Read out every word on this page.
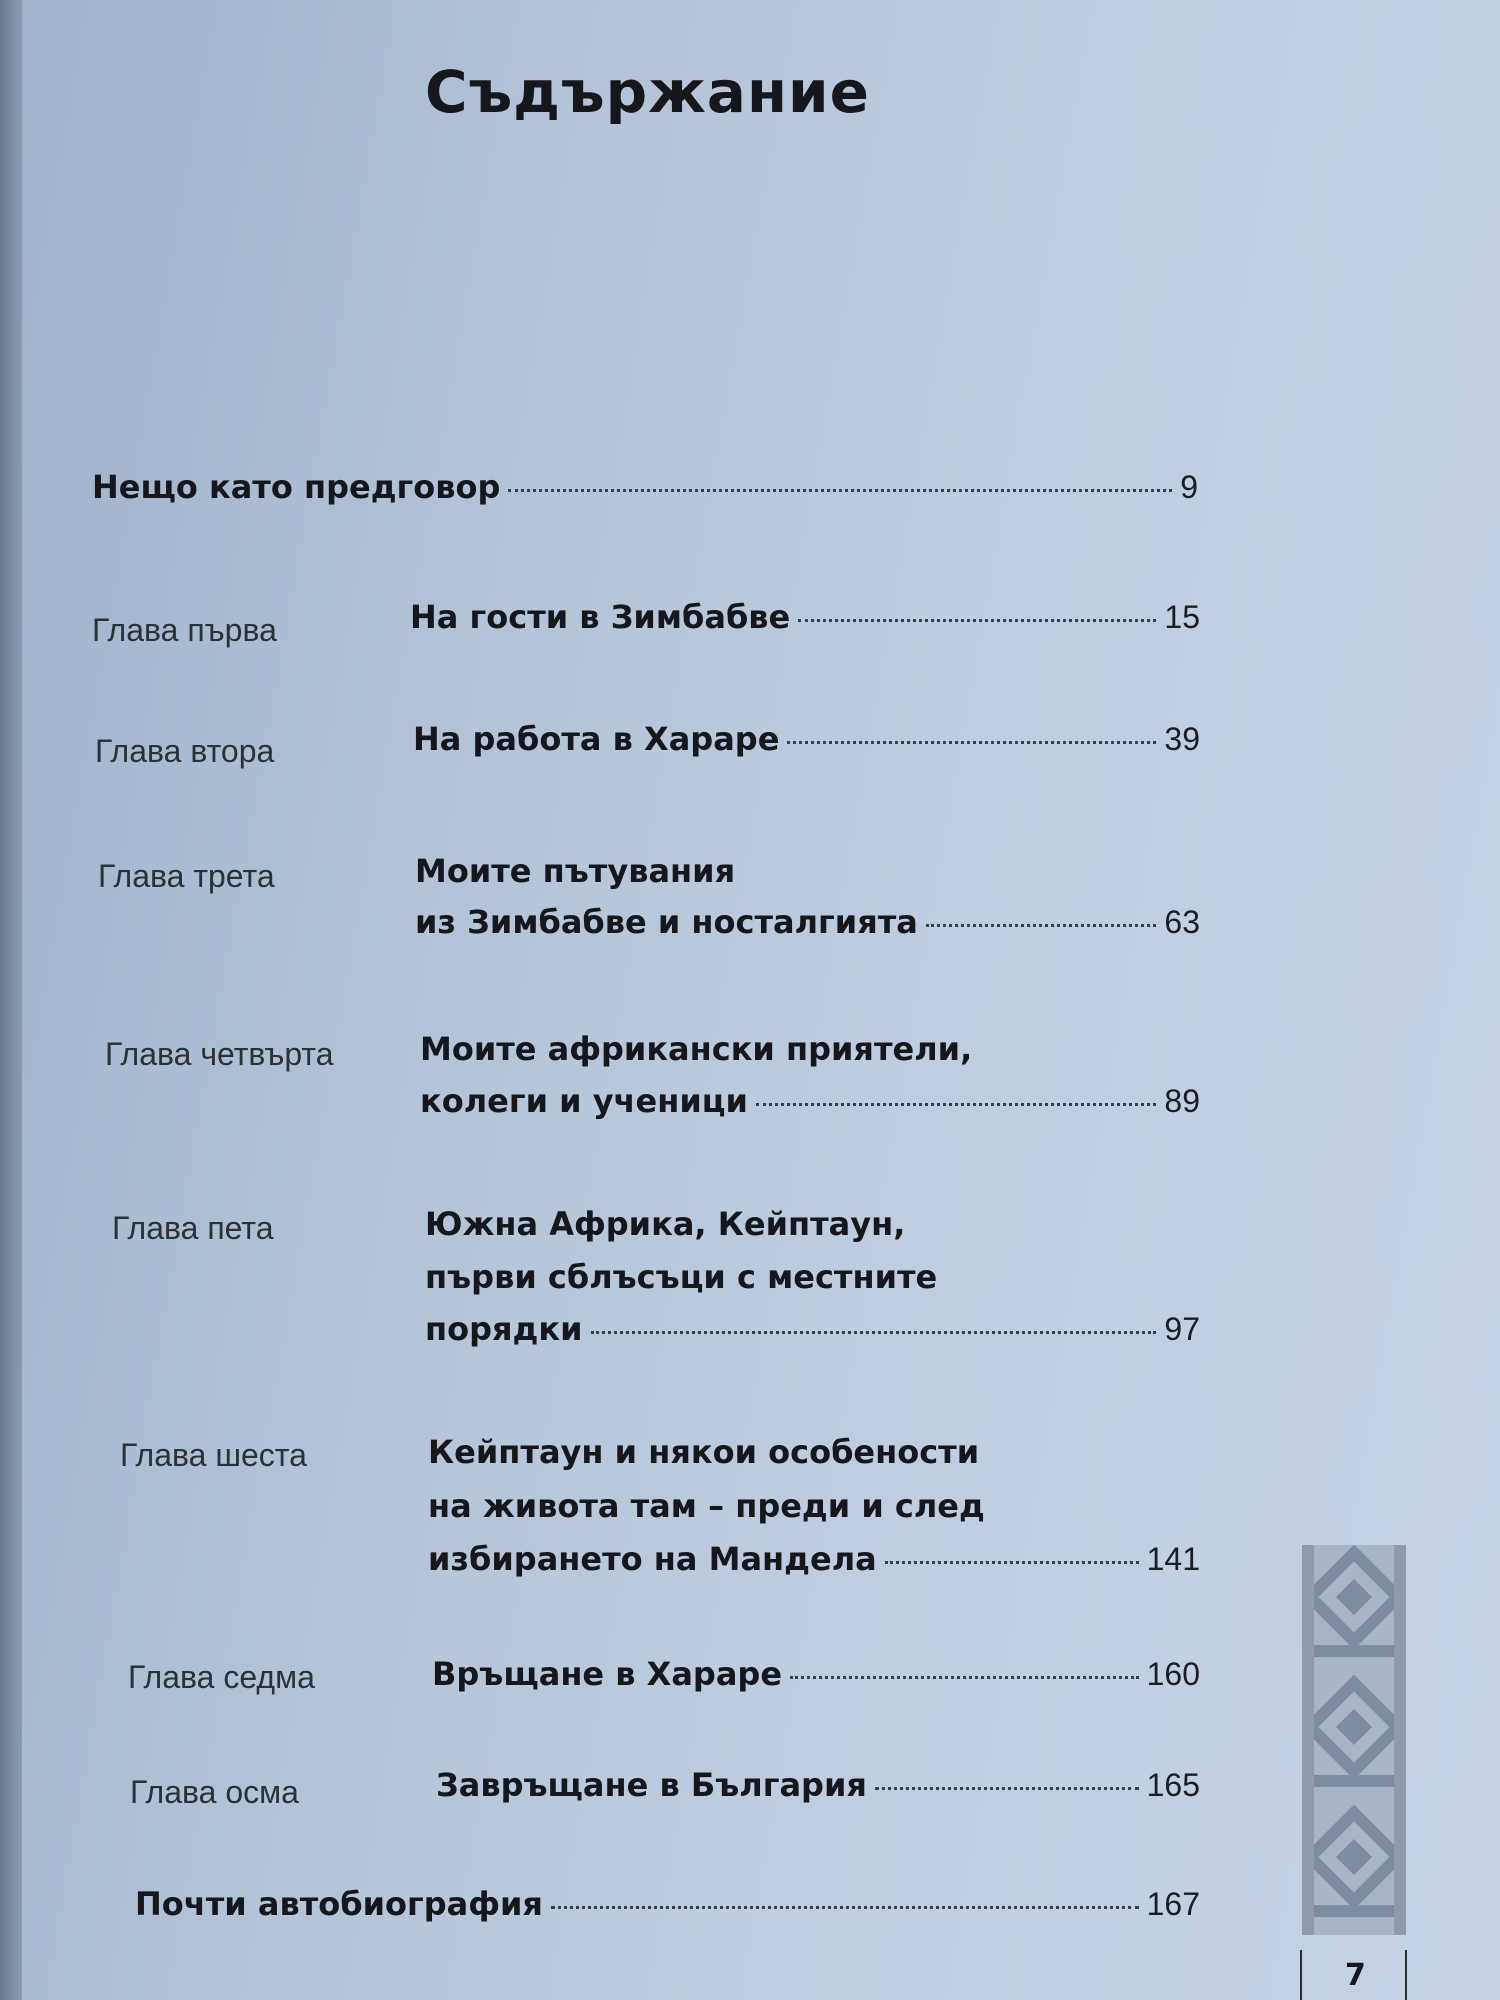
Съдържание
Нещо като предговор	9
Глава първа	На гости в Зимбабве	15
Глава втора	На работа в Хараре	39
Глава трета	Моите пътувания
из Зимбабве и носталгията	63
Глава четвърта	Моите африкански приятели,
колеги и ученици	89
Глава пета	Южна Африка, Кейптаун,
първи сблъсъци с местните
порядки	97
Глава шеста	Кейптаун и някои особености
на живота там – преди и след
избирането на Мандела	141
Глава седма	Връщане в Хараре	160
Глава осма	Завръщане в България	165
Почти автобиография	167
7
